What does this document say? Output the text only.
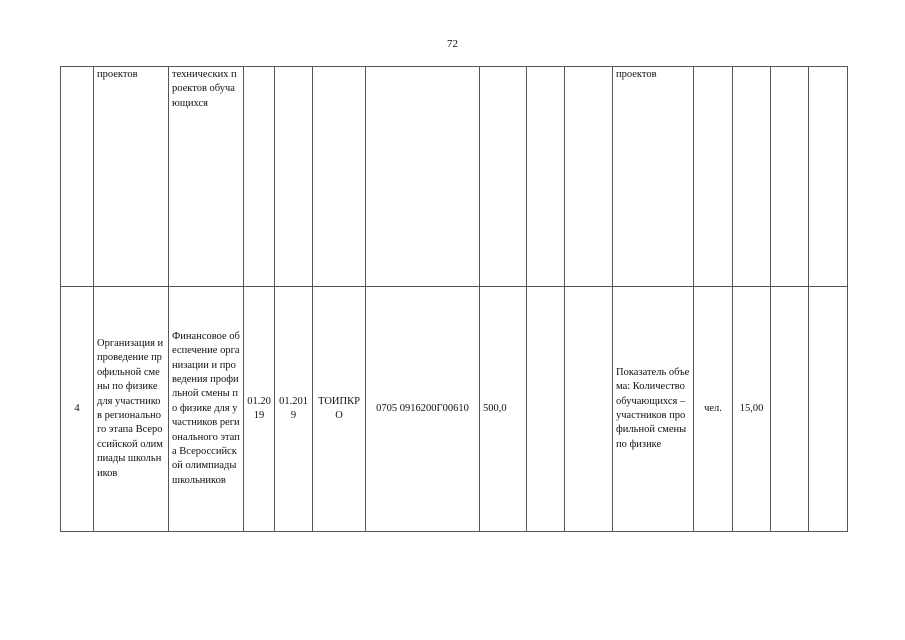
72
	проектов	технических проектов обучающихся								проектов				
4	Организация и проведение профильной смены по физике для участников регионального этапа Всероссийской олимпиады школьников	Финансовое обеспечение организации и проведения профильной смены по физике для участников регионального этапа Всероссийской олимпиады школьников	01.2019	01.2019	ТОИПКРО	0705 0916200Г00610	500,0			Показатель объема: Количество обучающихся – участников профильной смены по физике	чел.	15,00		
